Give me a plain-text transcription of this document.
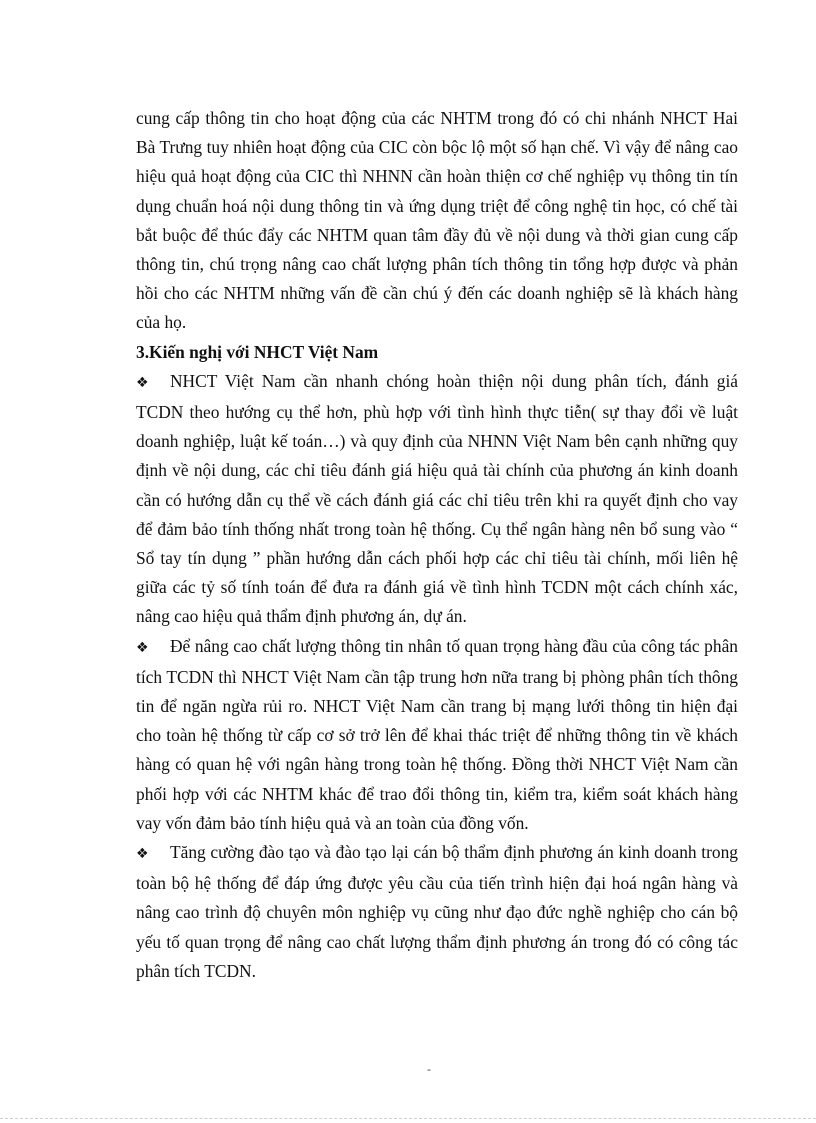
cung cấp thông tin cho hoạt động của các NHTM trong đó có chi nhánh NHCT Hai Bà Trưng tuy nhiên hoạt động của CIC còn bộc lộ một số hạn chế. Vì vậy để nâng cao hiệu quả hoạt động của CIC thì NHNN cần hoàn thiện cơ chế nghiệp vụ thông tin tín dụng chuẩn hoá nội dung thông tin và ứng dụng triệt để công nghệ tin học, có chế tài bắt buộc để thúc đẩy các NHTM quan tâm đầy đủ về nội dung và thời gian cung cấp thông tin, chú trọng nâng cao chất lượng phân tích thông tin tổng hợp được và phản hồi cho các NHTM những vấn đề cần chú ý đến các doanh nghiệp sẽ là khách hàng của họ.

3.Kiến nghị với NHCT Việt Nam

❖ NHCT Việt Nam cần nhanh chóng hoàn thiện nội dung phân tích, đánh giá TCDN theo hướng cụ thể hơn, phù hợp với tình hình thực tiễn( sự thay đổi về luật doanh nghiệp, luật kế toán…) và quy định của NHNN Việt Nam bên cạnh những quy định về nội dung, các chỉ tiêu đánh giá hiệu quả tài chính của phương án kinh doanh cần có hướng dẫn cụ thể về cách đánh giá các chỉ tiêu trên khi ra quyết định cho vay để đảm bảo tính thống nhất trong toàn hệ thống. Cụ thể ngân hàng nên bổ sung vào “ Sổ tay tín dụng ” phần hướng dẫn cách phối hợp các chỉ tiêu tài chính, mối liên hệ giữa các tỷ số tính toán để đưa ra đánh giá về tình hình TCDN một cách chính xác, nâng cao hiệu quả thẩm định phương án, dự án.

❖ Để nâng cao chất lượng thông tin nhân tố quan trọng hàng đầu của công tác phân tích TCDN thì NHCT Việt Nam cần tập trung hơn nữa trang bị phòng phân tích thông tin để ngăn ngừa rủi ro. NHCT Việt Nam cần trang bị mạng lưới thông tin hiện đại cho toàn hệ thống từ cấp cơ sở trở lên để khai thác triệt để những thông tin về khách hàng có quan hệ với ngân hàng trong toàn hệ thống. Đồng thời NHCT Việt Nam cần phối hợp với các NHTM khác để trao đổi thông tin, kiểm tra, kiểm soát khách hàng vay vốn đảm bảo tính hiệu quả và an toàn của đồng vốn.

❖ Tăng cường đào tạo và đào tạo lại cán bộ thẩm định phương án kinh doanh trong toàn bộ hệ thống để đáp ứng được yêu cầu của tiến trình hiện đại hoá ngân hàng và nâng cao trình độ chuyên môn nghiệp vụ cũng như đạo đức nghề nghiệp cho cán bộ yếu tố quan trọng để nâng cao chất lượng thẩm định phương án trong đó có công tác phân tích TCDN.

-
